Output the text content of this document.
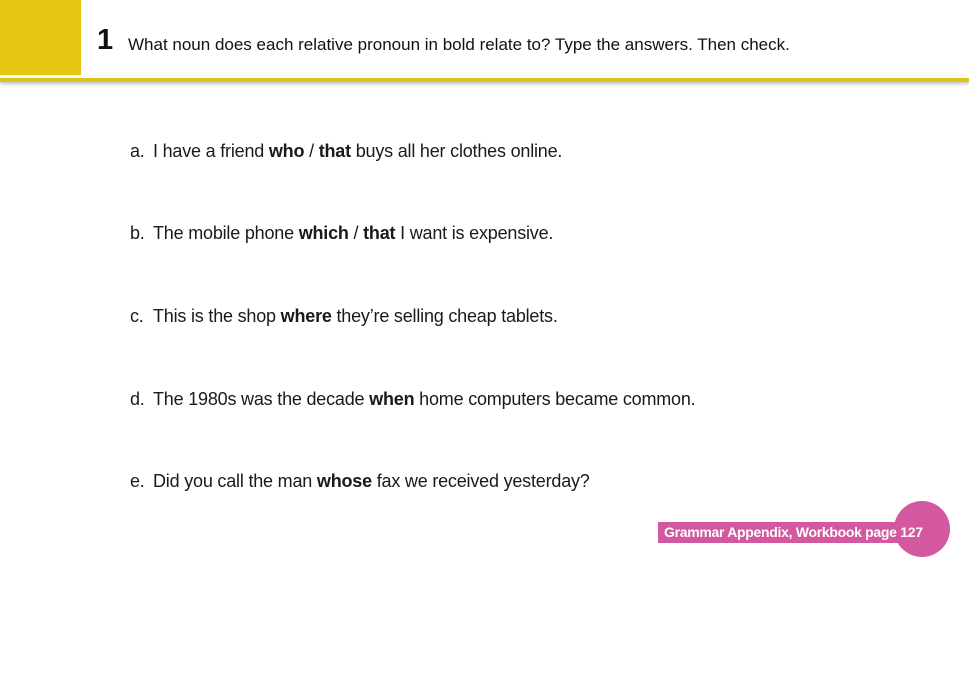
1 What noun does each relative pronoun in bold relate to? Type the answers. Then check.
a. I have a friend who / that buys all her clothes online.
b. The mobile phone which / that I want is expensive.
c. This is the shop where they’re selling cheap tablets.
d. The 1980s was the decade when home computers became common.
e. Did you call the man whose fax we received yesterday?
Grammar Appendix, Workbook page 127
